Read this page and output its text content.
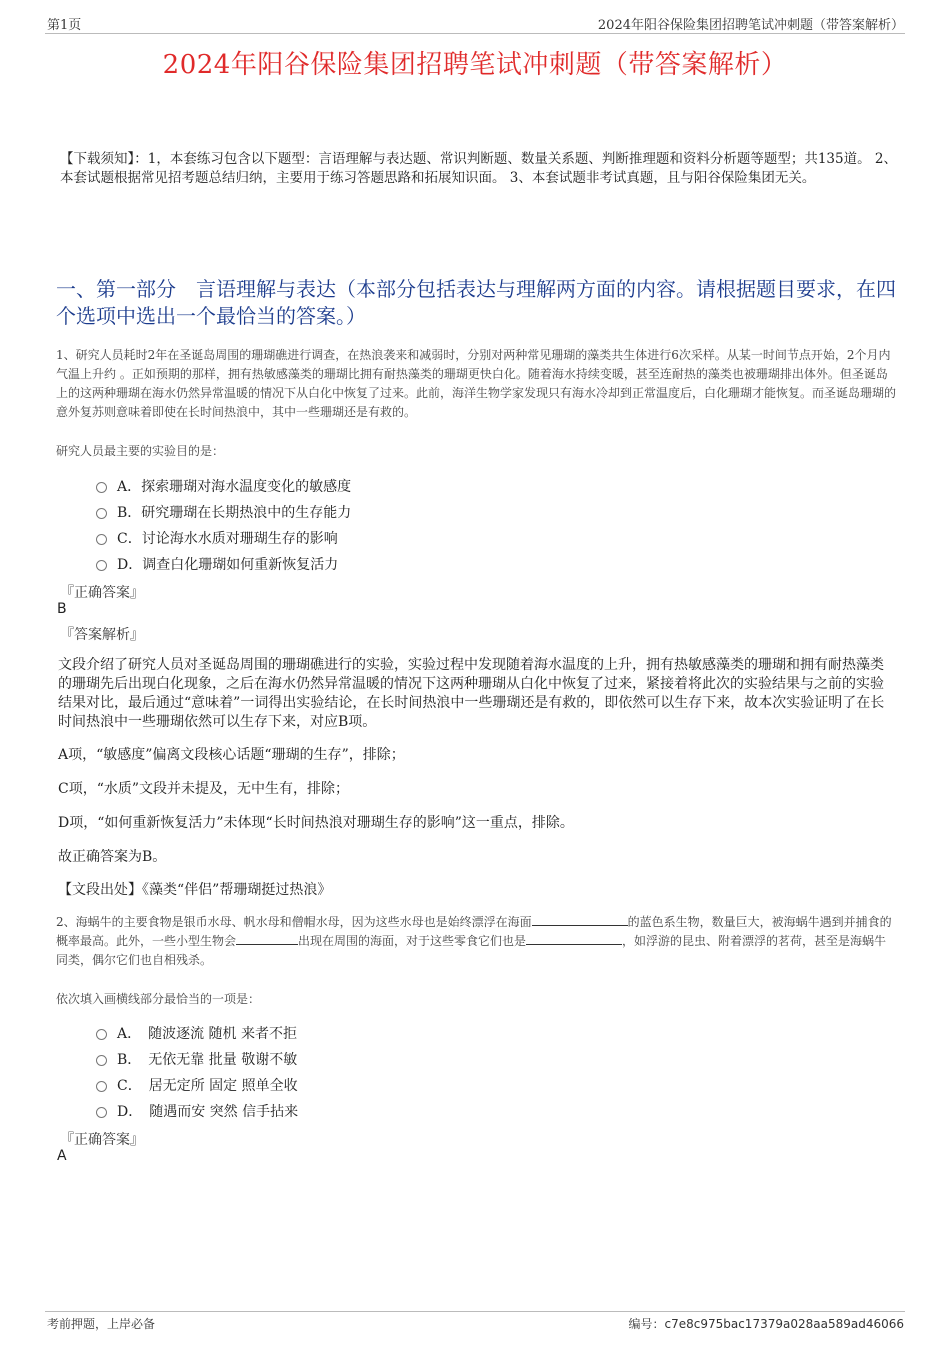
第1页	2024年阳谷保险集团招聘笔试冲刺题（带答案解析）
2024年阳谷保险集团招聘笔试冲刺题（带答案解析）
【下载须知】：1，本套练习包含以下题型：言语理解与表达题、常识判断题、数量关系题、判断推理题和资料分析题等题型；共135道。 2、本套试题根据常见招考题总结归纳，主要用于练习答题思路和拓展知识面。 3、本套试题非考试真题，且与阳谷保险集团无关。
一、第一部分　言语理解与表达（本部分包括表达与理解两方面的内容。请根据题目要求，在四个选项中选出一个最恰当的答案。）
1、研究人员耗时2年在圣诞岛周围的珊瑚礁进行调查，在热浪袭来和减弱时，分别对两种常见珊瑚的藻类共生体进行6次采样。从某一时间节点开始，2个月内气温上升约 。正如预期的那样，拥有热敏感藻类的珊瑚比拥有耐热藻类的珊瑚更快白化。随着海水持续变暖，甚至连耐热的藻类也被珊瑚排出体外。但圣诞岛上的这两种珊瑚在海水仍然异常温暖的情况下从白化中恢复了过来。此前，海洋生物学家发现只有海水冷却到正常温度后，白化珊瑚才能恢复。而圣诞岛珊瑚的意外复苏则意味着即使在长时间热浪中，其中一些珊瑚还是有救的。
研究人员最主要的实验目的是：
A．探索珊瑚对海水温度变化的敏感度
B．研究珊瑚在长期热浪中的生存能力
C．讨论海水水质对珊瑚生存的影响
D．调查白化珊瑚如何重新恢复活力
『正确答案』
B
『答案解析』
文段介绍了研究人员对圣诞岛周围的珊瑚礁进行的实验，实验过程中发现随着海水温度的上升，拥有热敏感藻类的珊瑚和拥有耐热藻类的珊瑚先后出现白化现象，之后在海水仍然异常温暖的情况下这两种珊瑚从白化中恢复了过来，紧接着将此次的实验结果与之前的实验结果对比，最后通过“意味着”一词得出实验结论，在长时间热浪中一些珊瑚还是有救的，即依然可以生存下来，故本次实验证明了在长时间热浪中一些珊瑚依然可以生存下来，对应B项。
A项，“敏感度”偏离文段核心话题“珊瑚的生存”，排除；
C项，“水质”文段并未提及，无中生有，排除；
D项，“如何重新恢复活力”未体现“长时间热浪对珊瑚生存的影响”这一重点，排除。
故正确答案为B。
【文段出处】《藻类“伴侣”帮珊瑚挺过热浪》
2、海蜗牛的主要食物是银币水母、帆水母和僧帽水母，因为这些水母也是始终漂浮在海面	的蓝色系生物，数量巨大，被海蜗牛遇到并捕食的概率最高。此外，一些小型生物会	出现在周围的海面，对于这些零食它们也是	，如浮游的昆虫、附着漂浮的茗荷，甚至是海蜗牛同类，偶尔它们也自相残杀。
依次填入画横线部分最恰当的一项是：
A．　随波逐流 随机 来者不拒
B．　无依无靠 批量 敬谢不敏
C．　居无定所 固定 照单全收
D．　随遇而安 突然 信手拈来
『正确答案』
A
考前押题，上岸必备	编号：c7e8c975bac17379a028aa589ad46066
